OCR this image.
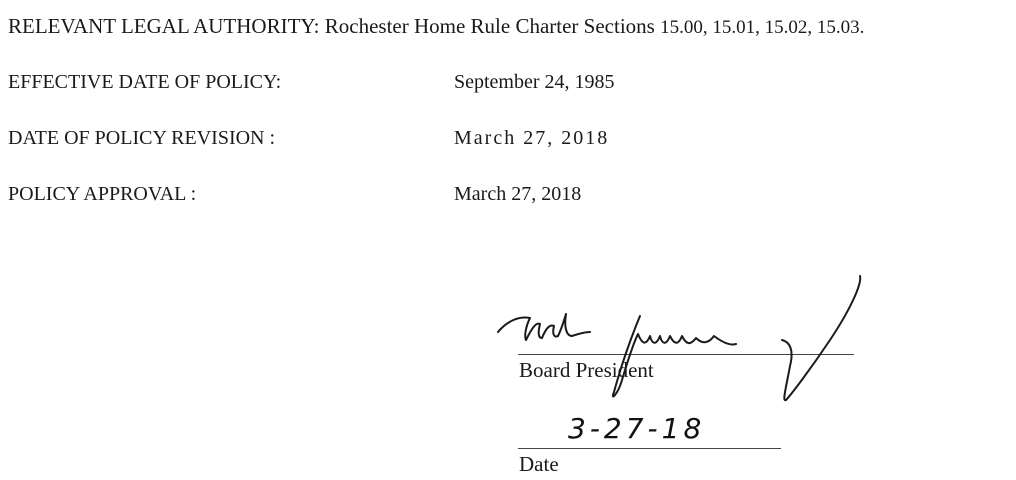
RELEVANT LEGAL AUTHORITY: Rochester Home Rule Charter Sections 15.00, 15.01, 15.02, 15.03.
EFFECTIVE DATE OF POLICY:	September 24, 1985
DATE OF POLICY REVISION :	March 27, 2018
POLICY APPROVAL :	March 27, 2018
Board President
3-27-18
Date
